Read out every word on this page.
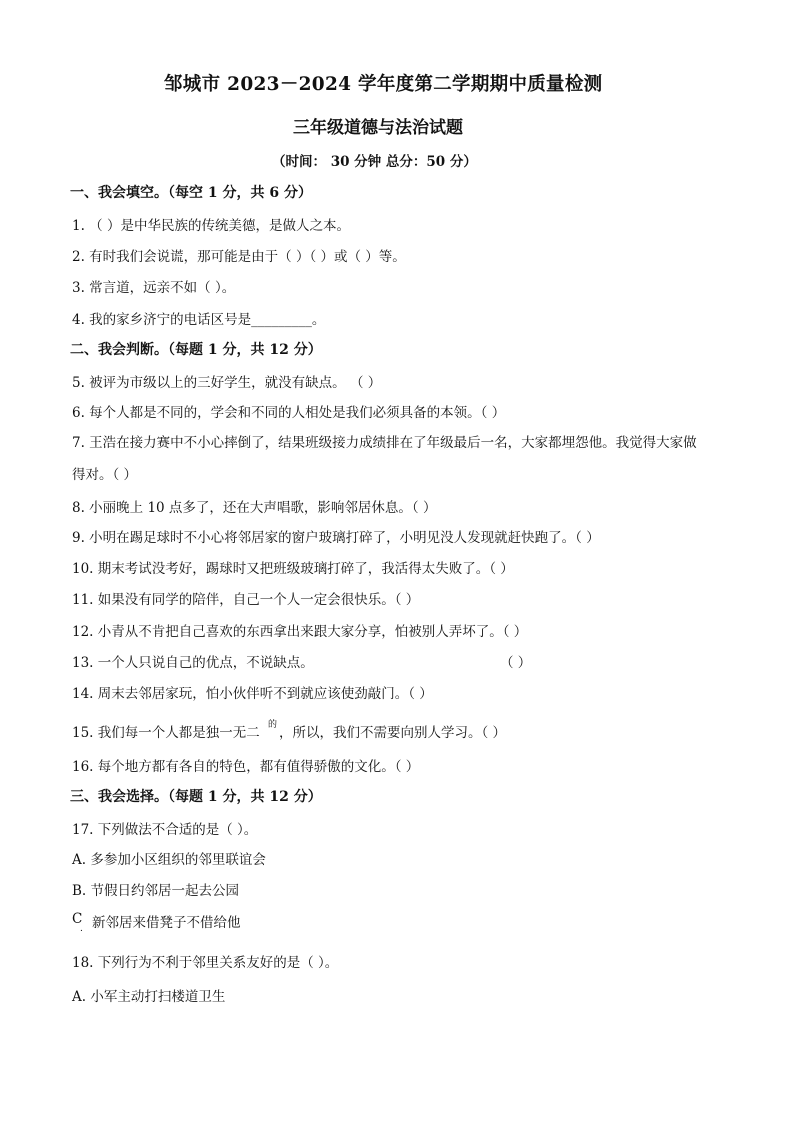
邹城市 2023－2024 学年度第二学期期中质量检测
三年级道德与法治试题
（时间： 30 分钟 总分：50 分）
一、我会填空。（每空 1 分，共 6 分）
1. （ ）是中华民族的传统美德，是做人之本。
2. 有时我们会说谎，那可能是由于（ ）（ ）或（ ）等。
3. 常言道，远亲不如（ ）。
4. 我的家乡济宁的电话区号是_________。
二、我会判断。（每题 1 分，共 12 分）
5. 被评为市级以上的三好学生，就没有缺点。 （ ）
6. 每个人都是不同的，学会和不同的人相处是我们必须具备的本领。（ ）
7. 王浩在接力赛中不小心摔倒了，结果班级接力成绩排在了年级最后一名，大家都埋怨他。我觉得大家做
得对。（ ）
8. 小丽晚上 10 点多了，还在大声唱歌，影响邻居休息。（ ）
9. 小明在踢足球时不小心将邻居家的窗户玻璃打碎了，小明见没人发现就赶快跑了。（ ）
10. 期末考试没考好，踢球时又把班级玻璃打碎了，我活得太失败了。（ ）
11. 如果没有同学的陪伴，自己一个人一定会很快乐。（ ）
12. 小青从不肯把自己喜欢的东西拿出来跟大家分享，怕被别人弄坏了。（ ）
13. 一个人只说自己的优点，不说缺点。	（ ）
14. 周末去邻居家玩，怕小伙伴听不到就应该使劲敲门。（ ）
15. 我们每一个人都是独一无二 的 ，所以，我们不需要向别人学习。（ ）
16. 每个地方都有各自的特色，都有值得骄傲的文化。（ ）
三、我会选择。（每题 1 分，共 12 分）
17. 下列做法不合适的是（ ）。
A. 多参加小区组织的邻里联谊会
B. 节假日约邻居一起去公园
C
. 新邻居来借凳子不借给他
18. 下列行为不利于邻里关系友好的是（ ）。
A. 小军主动打扫楼道卫生
